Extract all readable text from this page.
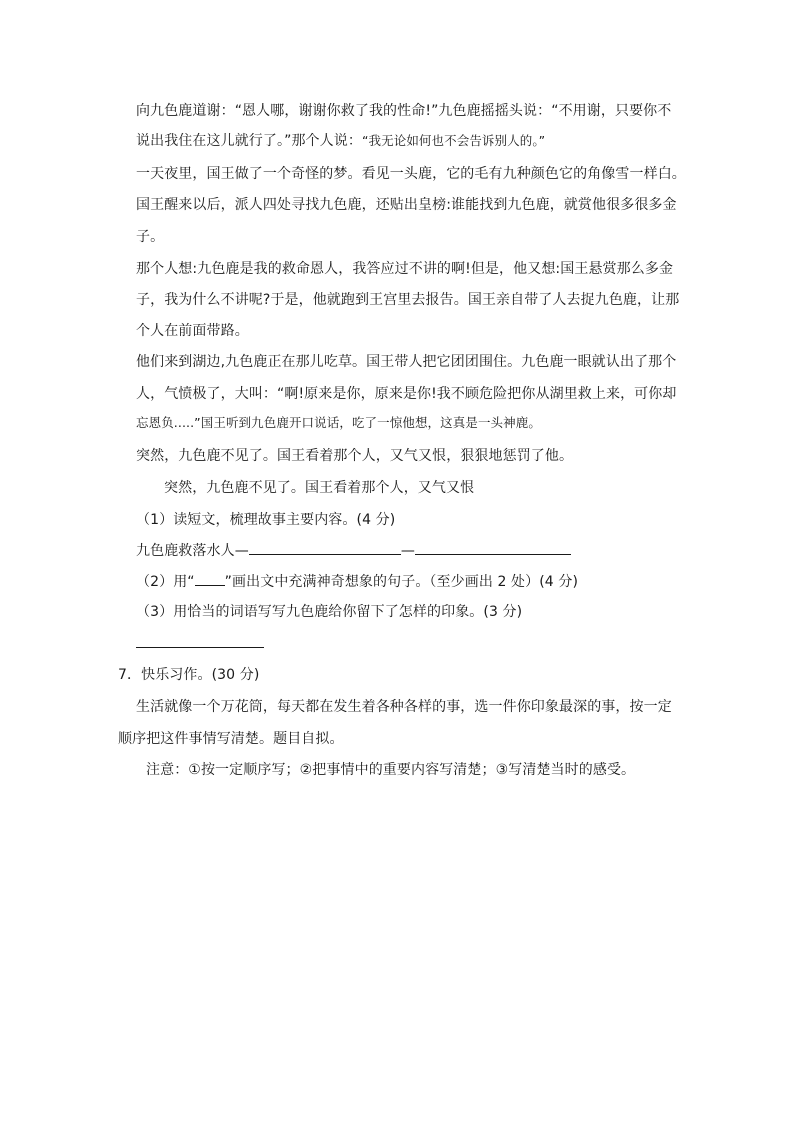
向九色鹿道谢：“恩人哪，谢谢你救了我的性命!”九色鹿摇摇头说：“不用谢，只要你不
说出我住在这儿就行了。”那个人说：“我无论如何也不会告诉别人的。”
一天夜里，国王做了一个奇怪的梦。看见一头鹿，它的毛有九种颜色它的角像雪一样白。
国王醒来以后，派人四处寻找九色鹿，还贴出皇榜:谁能找到九色鹿，就赏他很多很多金
子。
那个人想:九色鹿是我的救命恩人，我答应过不讲的啊!但是，他又想:国王悬赏那么多金
子，我为什么不讲呢?于是，他就跑到王宫里去报告。国王亲自带了人去捉九色鹿，让那
个人在前面带路。
他们来到湖边,九色鹿正在那儿吃草。国王带人把它团团围住。九色鹿一眼就认出了那个
人，气愤极了，大叫：“啊!原来是你，原来是你!我不顾危险把你从湖里救上来，可你却
忘恩负.....”国王听到九色鹿开口说话，吃了一惊他想，这真是一头神鹿。
突然，九色鹿不见了。国王看着那个人，又气又恨，狠狠地惩罚了他。
突然，九色鹿不见了。国王看着那个人，又气又恨
（1）读短文，梳理故事主要内容。(4 分)
九色鹿救落水人—	—
（2）用“ ”画出文中充满神奇想象的句子。（至少画出 2 处）(4 分)
（3）用恰当的词语写写九色鹿给你留下了怎样的印象。(3 分)
7．快乐习作。(30 分)
生活就像一个万花筒，每天都在发生着各种各样的事，选一件你印象最深的事，按一定
顺序把这件事情写清楚。题目自拟。
注意：①按一定顺序写；②把事情中的重要内容写清楚；③写清楚当时的感受。
